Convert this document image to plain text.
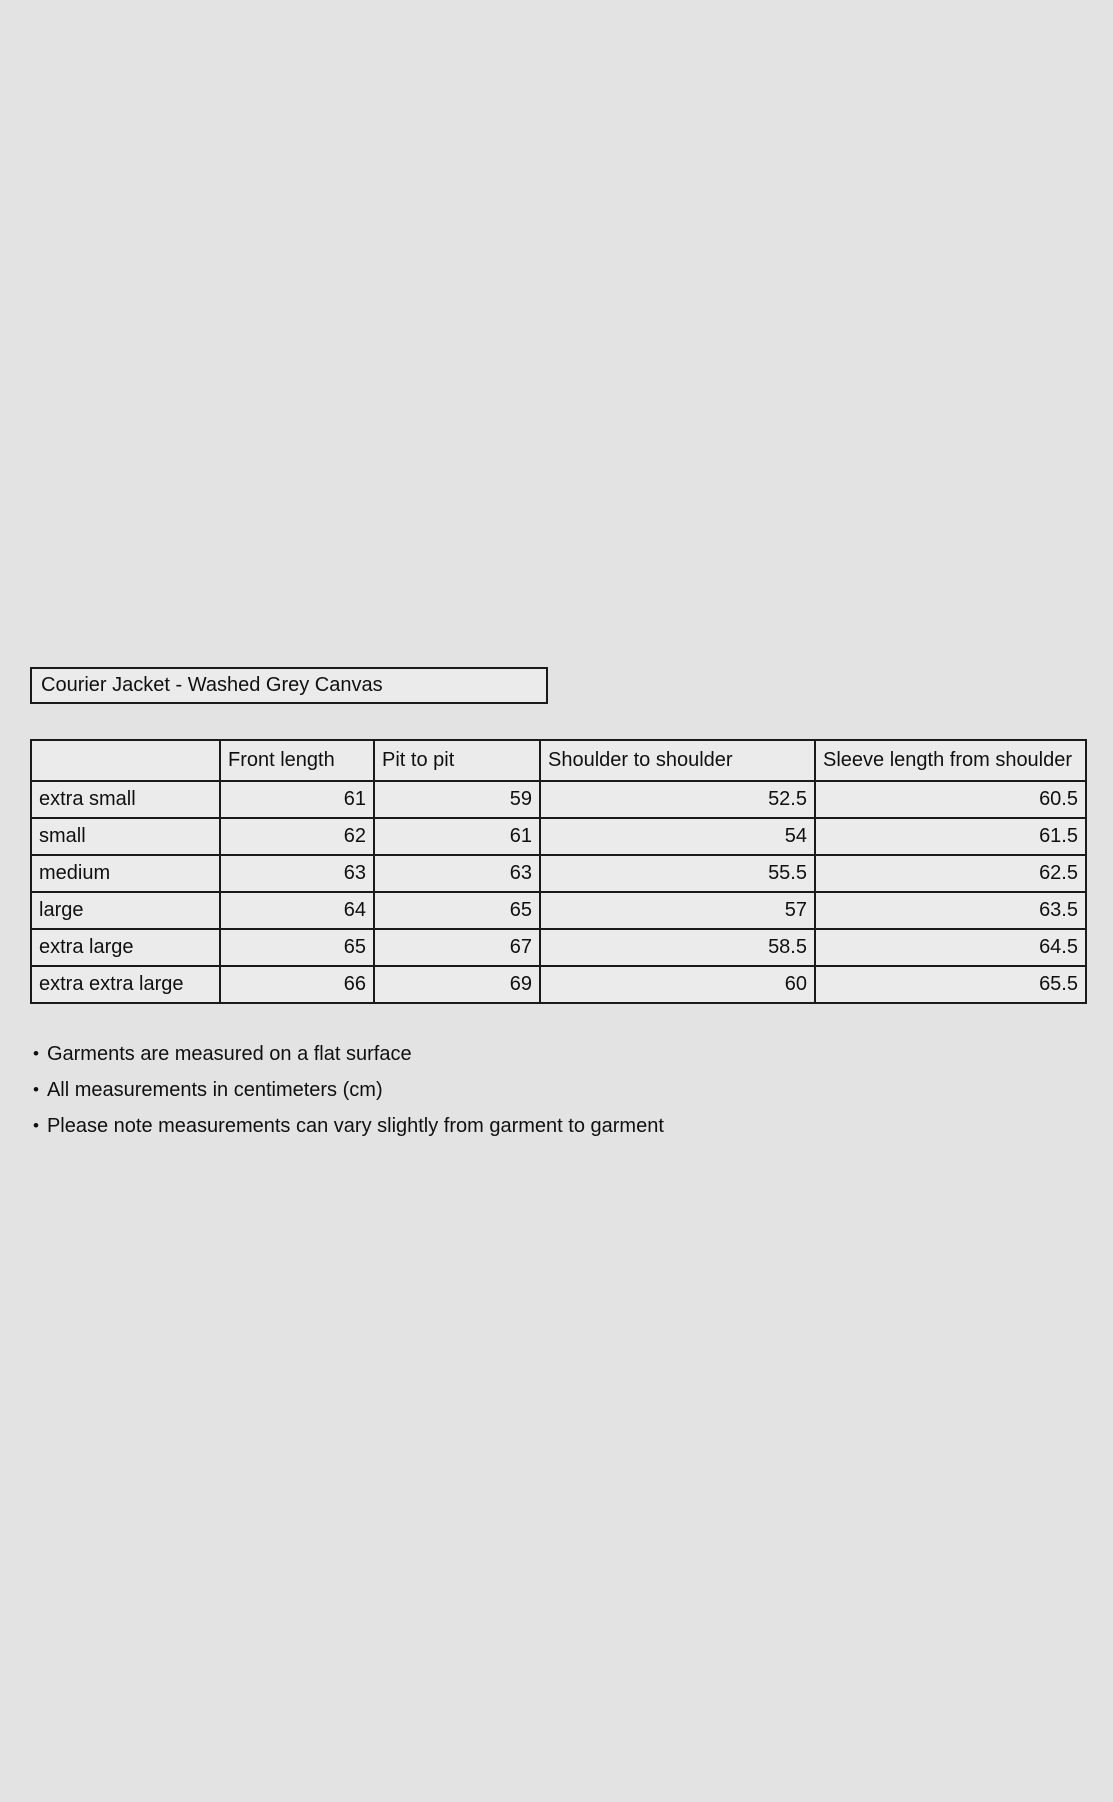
Courier Jacket - Washed Grey Canvas
	Front length	Pit to pit	Shoulder to shoulder	Sleeve length from shoulder
extra small	61	59	52.5	60.5
small	62	61	54	61.5
medium	63	63	55.5	62.5
large	64	65	57	63.5
extra large	65	67	58.5	64.5
extra extra large	66	69	60	65.5
• Garments are measured on a flat surface
• All measurements in centimeters (cm)
• Please note measurements can vary slightly from garment to garment
